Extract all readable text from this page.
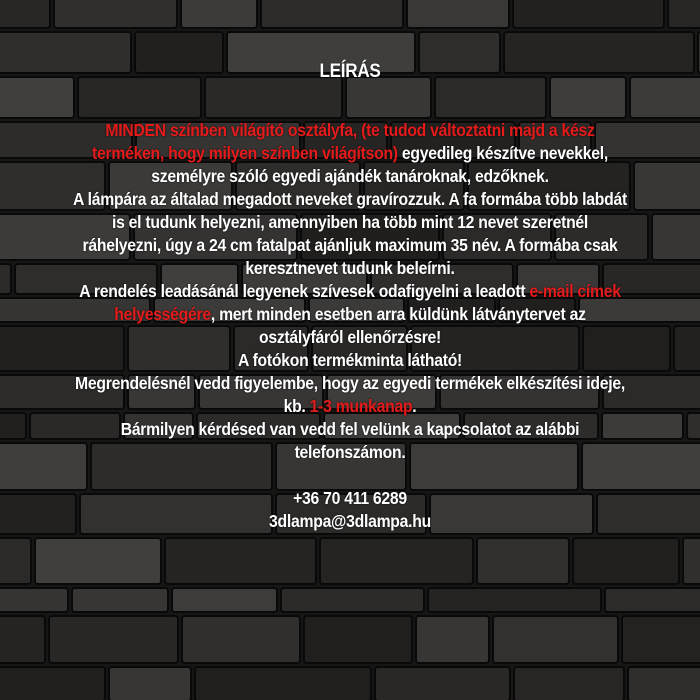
LEÍRÁS

MINDEN színben világító osztályfa, (te tudod változtatni majd a kész terméken, hogy milyen színben világítson) egyedileg készítve nevekkel, személyre szóló egyedi ajándék tanároknak, edzőknek.

A lámpára az általad megadott neveket gravírozzuk. A fa formába több labdát is el tudunk helyezni, amennyiben ha több mint 12 nevet szeretnél ráhelyezni, úgy a 24 cm fatalpat ajánljuk maximum 35 név. A formába csak keresztnevet tudunk beleírni.

A rendelés leadásánál legyenek szívesek odafigyelni a leadott e-mail címek helyességére, mert minden esetben arra küldünk látványtervet az osztályfáról ellenőrzésre!

A fotókon termékminta látható!

Megrendelésnél vedd figyelembe, hogy az egyedi termékek elkészítési ideje, kb. 1-3 munkanap.

Bármilyen kérdésed van vedd fel velünk a kapcsolatot az alábbi telefonszámon.

+36 70 411 6289

3dlampa@3dlampa.hu
